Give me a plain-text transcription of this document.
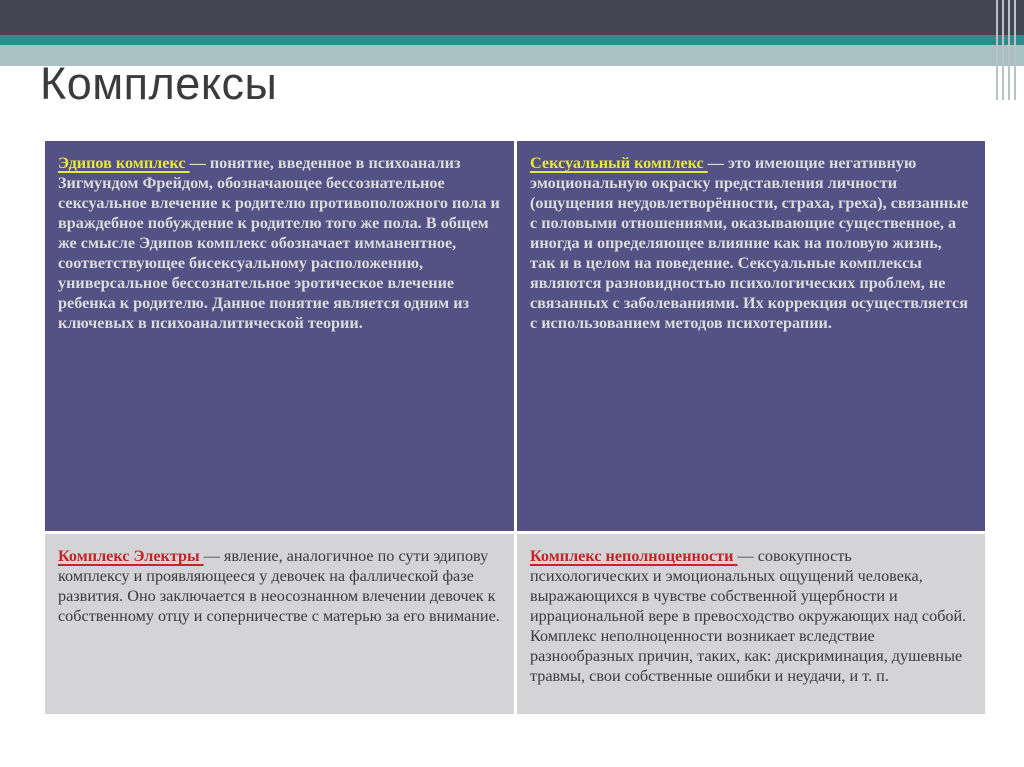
Комплексы
Эдипов комплекс — понятие, введенное в психоанализ Зигмундом Фрейдом, обозначающее бессознательное сексуальное влечение к родителю противоположного пола и враждебное побуждение к родителю того же пола. В общем же смысле Эдипов комплекс обозначает имманентное, соответствующее бисексуальному расположению, универсальное бессознательное эротическое влечение ребенка к родителю. Данное понятие является одним из ключевых в психоаналитической теории.
Сексуальный комплекс — это имеющие негативную эмоциональную окраску представления личности (ощущения неудовлетворённости, страха, греха), связанные с половыми отношениями, оказывающие существенное, а иногда и определяющее влияние как на половую жизнь, так и в целом на поведение. Сексуальные комплексы являются разновидностью психологических проблем, не связанных с заболеваниями. Их коррекция осуществляется с использованием методов психотерапии.
Комплекс Электры — явление, аналогичное по сути эдипову комплексу и проявляющееся у девочек на фаллической фазе развития. Оно заключается в неосознанном влечении девочек к собственному отцу и соперничестве с матерью за его внимание.
Комплекс неполноценности — совокупность психологических и эмоциональных ощущений человека, выражающихся в чувстве собственной ущербности и иррациональной вере в превосходство окружающих над собой. Комплекс неполноценности возникает вследствие разнообразных причин, таких, как: дискриминация, душевные травмы, свои собственные ошибки и неудачи, и т. п.
